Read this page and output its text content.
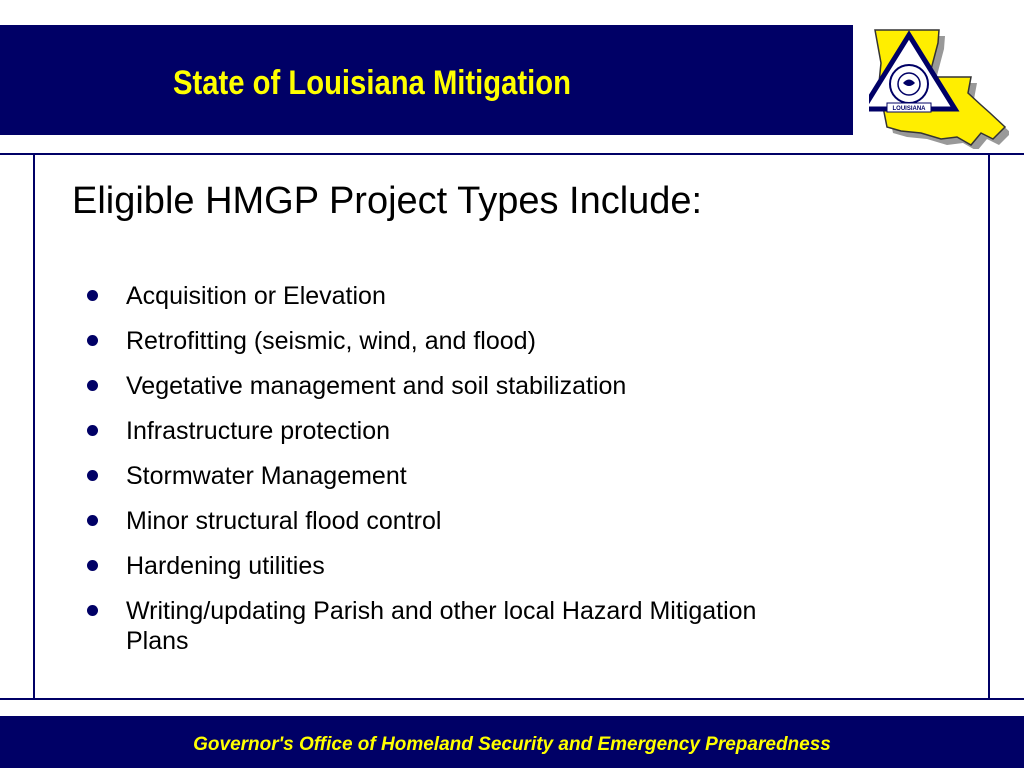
State of Louisiana Mitigation
LOUISIANA
Eligible HMGP Project Types Include:
Acquisition or Elevation
Retrofitting (seismic, wind, and flood)
Vegetative management and soil stabilization
Infrastructure protection
Stormwater Management
Minor structural flood control
Hardening utilities
Writing/updating Parish and other local Hazard Mitigation Plans

Governor's Office of Homeland Security and Emergency Preparedness
